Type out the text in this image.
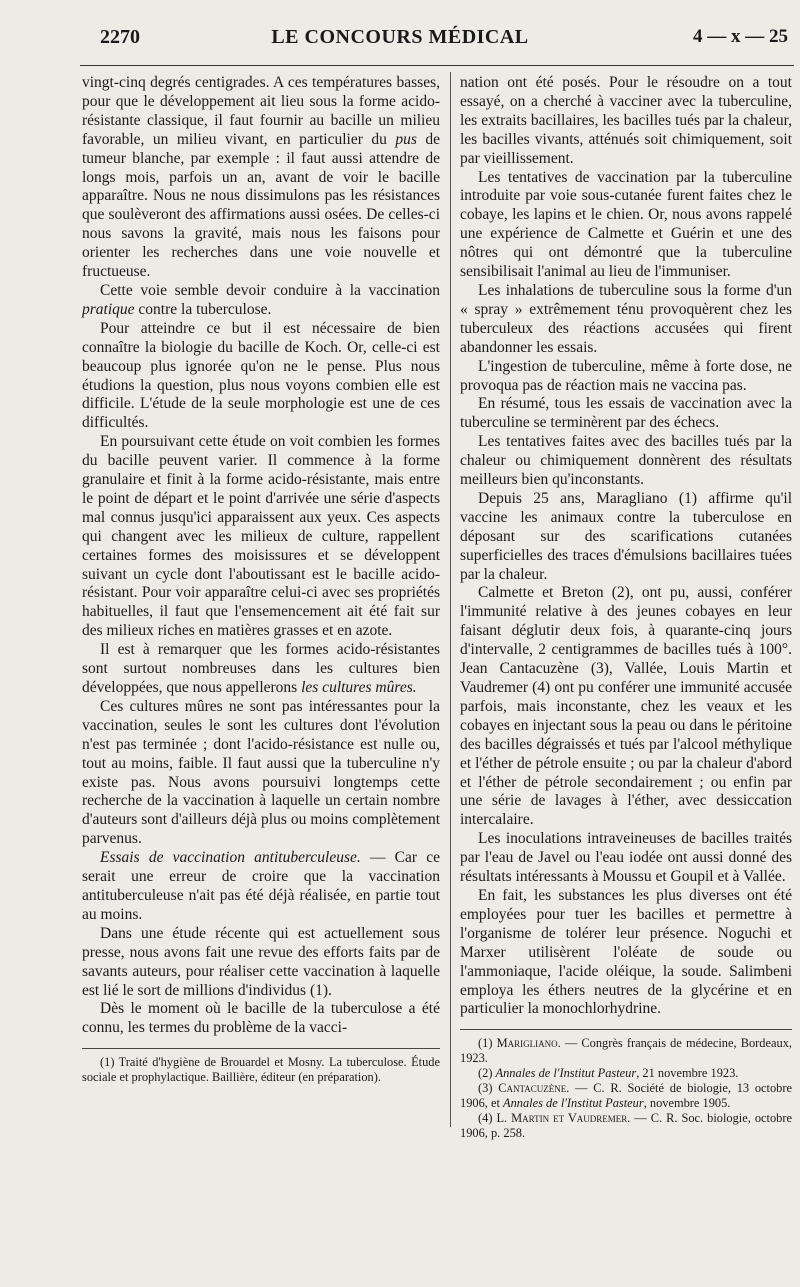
2270	LE CONCOURS MÉDICAL	4 — x — 25

vingt-cinq degrés centigrades. A ces températures basses, pour que le développement ait lieu sous la forme acido-résistante classique, il faut fournir au bacille un milieu favorable, un milieu vivant, en particulier du pus de tumeur blanche, par exemple : il faut aussi attendre de longs mois, parfois un an, avant de voir le bacille apparaître. Nous ne nous dissimulons pas les résistances que soulèveront des affirmations aussi osées. De celles-ci nous savons la gravité, mais nous les faisons pour orienter les recherches dans une voie nouvelle et fructueuse.

Cette voie semble devoir conduire à la vaccination pratique contre la tuberculose.

Pour atteindre ce but il est nécessaire de bien connaître la biologie du bacille de Koch. Or, celle-ci est beaucoup plus ignorée qu'on ne le pense. Plus nous étudions la question, plus nous voyons combien elle est difficile. L'étude de la seule morphologie est une de ces difficultés.

En poursuivant cette étude on voit combien les formes du bacille peuvent varier. Il commence à la forme granulaire et finit à la forme acido-résistante, mais entre le point de départ et le point d'arrivée une série d'aspects mal connus jusqu'ici apparaissent aux yeux. Ces aspects qui changent avec les milieux de culture, rappellent certaines formes des moisissures et se développent suivant un cycle dont l'aboutissant est le bacille acido-résistant. Pour voir apparaître celui-ci avec ses propriétés habituelles, il faut que l'ensemencement ait été fait sur des milieux riches en matières grasses et en azote.

Il est à remarquer que les formes acido-résistantes sont surtout nombreuses dans les cultures bien développées, que nous appellerons les cultures mûres.

Ces cultures mûres ne sont pas intéressantes pour la vaccination, seules le sont les cultures dont l'évolution n'est pas terminée ; dont l'acido-résistance est nulle ou, tout au moins, faible. Il faut aussi que la tuberculine n'y existe pas. Nous avons poursuivi longtemps cette recherche de la vaccination à laquelle un certain nombre d'auteurs sont d'ailleurs déjà plus ou moins complètement parvenus.

Essais de vaccination antituberculeuse. — Car ce serait une erreur de croire que la vaccination antituberculeuse n'ait pas été déjà réalisée, en partie tout au moins.

Dans une étude récente qui est actuellement sous presse, nous avons fait une revue des efforts faits par de savants auteurs, pour réaliser cette vaccination à laquelle est lié le sort de millions d'individus (1).

Dès le moment où le bacille de la tuberculose a été connu, les termes du problème de la vacci-

(1) Traité d'hygiène de Brouardel et Mosny. La tuberculose. Étude sociale et prophylactique. Baillière, éditeur (en préparation).

nation ont été posés. Pour le résoudre on a tout essayé, on a cherché à vacciner avec la tuberculine, les extraits bacillaires, les bacilles tués par la chaleur, les bacilles vivants, atténués soit chimiquement, soit par vieillissement.

Les tentatives de vaccination par la tuberculine introduite par voie sous-cutanée furent faites chez le cobaye, les lapins et le chien. Or, nous avons rappelé une expérience de Calmette et Guérin et une des nôtres qui ont démontré que la tuberculine sensibilisait l'animal au lieu de l'immuniser.

Les inhalations de tuberculine sous la forme d'un « spray » extrêmement ténu provoquèrent chez les tuberculeux des réactions accusées qui firent abandonner les essais.

L'ingestion de tuberculine, même à forte dose, ne provoqua pas de réaction mais ne vaccina pas.

En résumé, tous les essais de vaccination avec la tuberculine se terminèrent par des échecs.

Les tentatives faites avec des bacilles tués par la chaleur ou chimiquement donnèrent des résultats meilleurs bien qu'inconstants.

Depuis 25 ans, Maragliano (1) affirme qu'il vaccine les animaux contre la tuberculose en déposant sur des scarifications cutanées superficielles des traces d'émulsions bacillaires tuées par la chaleur.

Calmette et Breton (2), ont pu, aussi, conférer l'immunité relative à des jeunes cobayes en leur faisant déglutir deux fois, à quarante-cinq jours d'intervalle, 2 centigrammes de bacilles tués à 100°. Jean Cantacuzène (3), Vallée, Louis Martin et Vaudremer (4) ont pu conférer une immunité accusée parfois, mais inconstante, chez les veaux et les cobayes en injectant sous la peau ou dans le péritoine des bacilles dégraissés et tués par l'alcool méthylique et l'éther de pétrole ensuite ; ou par la chaleur d'abord et l'éther de pétrole secondairement ; ou enfin par une série de lavages à l'éther, avec dessiccation intercalaire.

Les inoculations intraveineuses de bacilles traités par l'eau de Javel ou l'eau iodée ont aussi donné des résultats intéressants à Moussu et Goupil et à Vallée.

En fait, les substances les plus diverses ont été employées pour tuer les bacilles et permettre à l'organisme de tolérer leur présence. Noguchi et Marxer utilisèrent l'oléate de soude ou l'ammoniaque, l'acide oléique, la soude. Salimbeni employa les éthers neutres de la glycérine et en particulier la monochlorhydrine.

(1) Marigliano. — Congrès français de médecine, Bordeaux, 1923.

(2) Annales de l'Institut Pasteur, 21 novembre 1923.

(3) Cantacuzène. — C. R. Société de biologie, 13 octobre 1906, et Annales de l'Institut Pasteur, novembre 1905.

(4) L. Martin et Vaudremer. — C. R. Soc. biologie, octobre 1906, p. 258.
